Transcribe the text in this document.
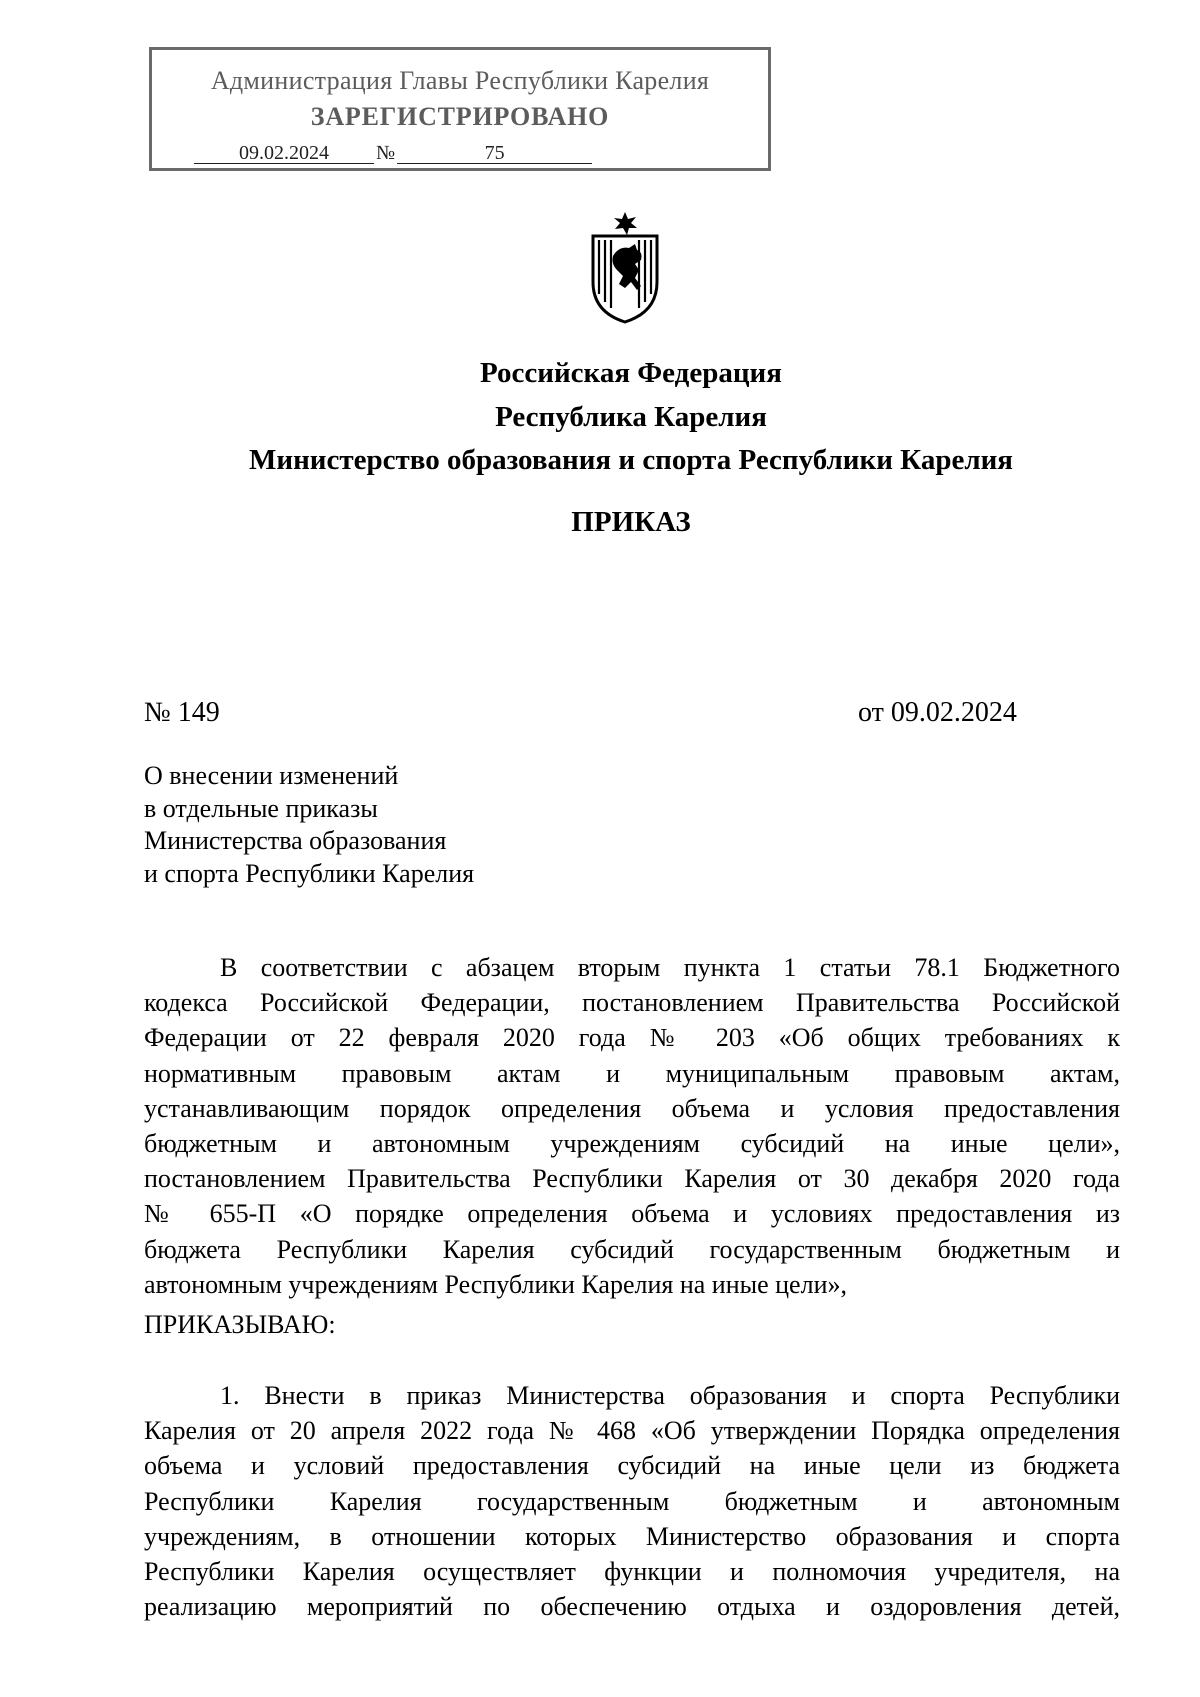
Администрация Главы Республики Карелия
ЗАРЕГИСТРИРОВАНО
09.02.2024 №	75
Российская Федерация
Республика Карелия
Министерство образования и спорта Республики Карелия
ПРИКАЗ
№ 149	от 09.02.2024
О внесении изменений
в отдельные приказы
Министерства образования
и спорта Республики Карелия
В соответствии с абзацем вторым пункта 1 статьи 78.1 Бюджетного
кодекса Российской Федерации, постановлением Правительства Российской
Федерации от 22 февраля 2020 года № 203 «Об общих требованиях к
нормативным правовым актам и муниципальным правовым актам,
устанавливающим порядок определения объема и условия предоставления
бюджетным и автономным учреждениям субсидий на иные цели»,
постановлением Правительства Республики Карелия от 30 декабря 2020 года
№ 655-П «О порядке определения объема и условиях предоставления из
бюджета Республики Карелия субсидий государственным бюджетным и
автономным учреждениям Республики Карелия на иные цели»,
ПРИКАЗЫВАЮ:
1. Внести в приказ Министерства образования и спорта Республики
Карелия от 20 апреля 2022 года № 468 «Об утверждении Порядка определения
объема и условий предоставления субсидий на иные цели из бюджета
Республики Карелия государственным бюджетным и автономным
учреждениям, в отношении которых Министерство образования и спорта
Республики Карелия осуществляет функции и полномочия учредителя, на
реализацию мероприятий по обеспечению отдыха и оздоровления детей,
